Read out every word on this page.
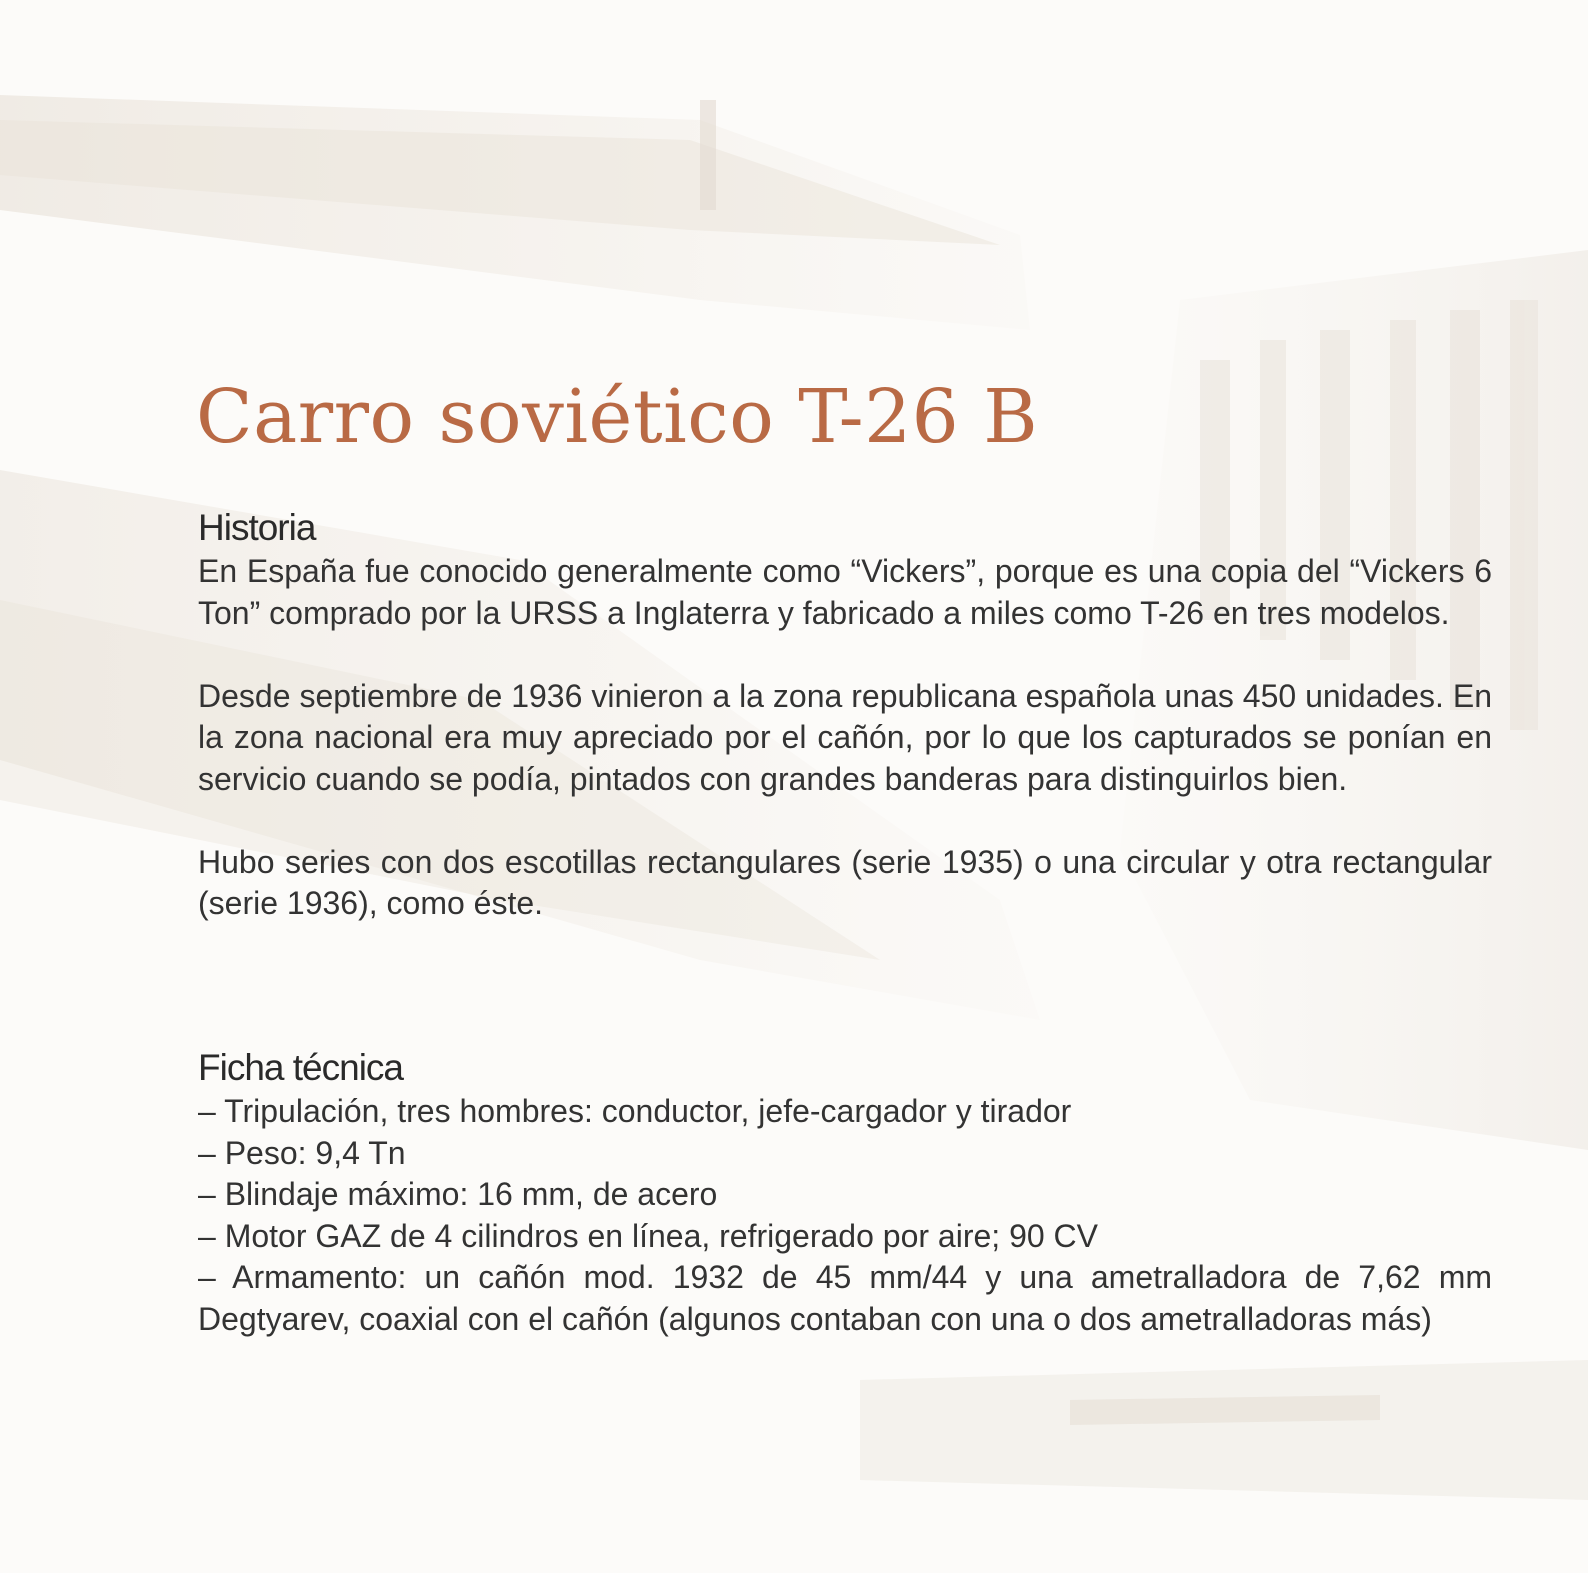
Carro soviético T-26 B
Historia

En España fue conocido generalmente como “Vickers”, porque es una copia del “Vickers 6 Ton” comprado por la URSS a Inglaterra y fabricado a miles como T-26 en tres modelos.

Desde septiembre de 1936 vinieron a la zona republicana española unas 450 unidades. En la zona nacional era muy apreciado por el cañón, por lo que los capturados se ponían en servicio cuando se podía, pintados con grandes banderas para distinguirlos bien.

Hubo series con dos escotillas rectangulares (serie 1935) o una circular y otra rectangular (serie 1936), como éste.

Ficha técnica
– Tripulación, tres hombres: conductor, jefe-cargador y tirador
– Peso: 9,4 Tn
– Blindaje máximo: 16 mm, de acero
– Motor GAZ de 4 cilindros en línea, refrigerado por aire; 90 CV
– Armamento: un cañón mod. 1932 de 45 mm/44 y una ametralladora de 7,62 mm Degtyarev, coaxial con el cañón (algunos contaban con una o dos ametralladoras más)
